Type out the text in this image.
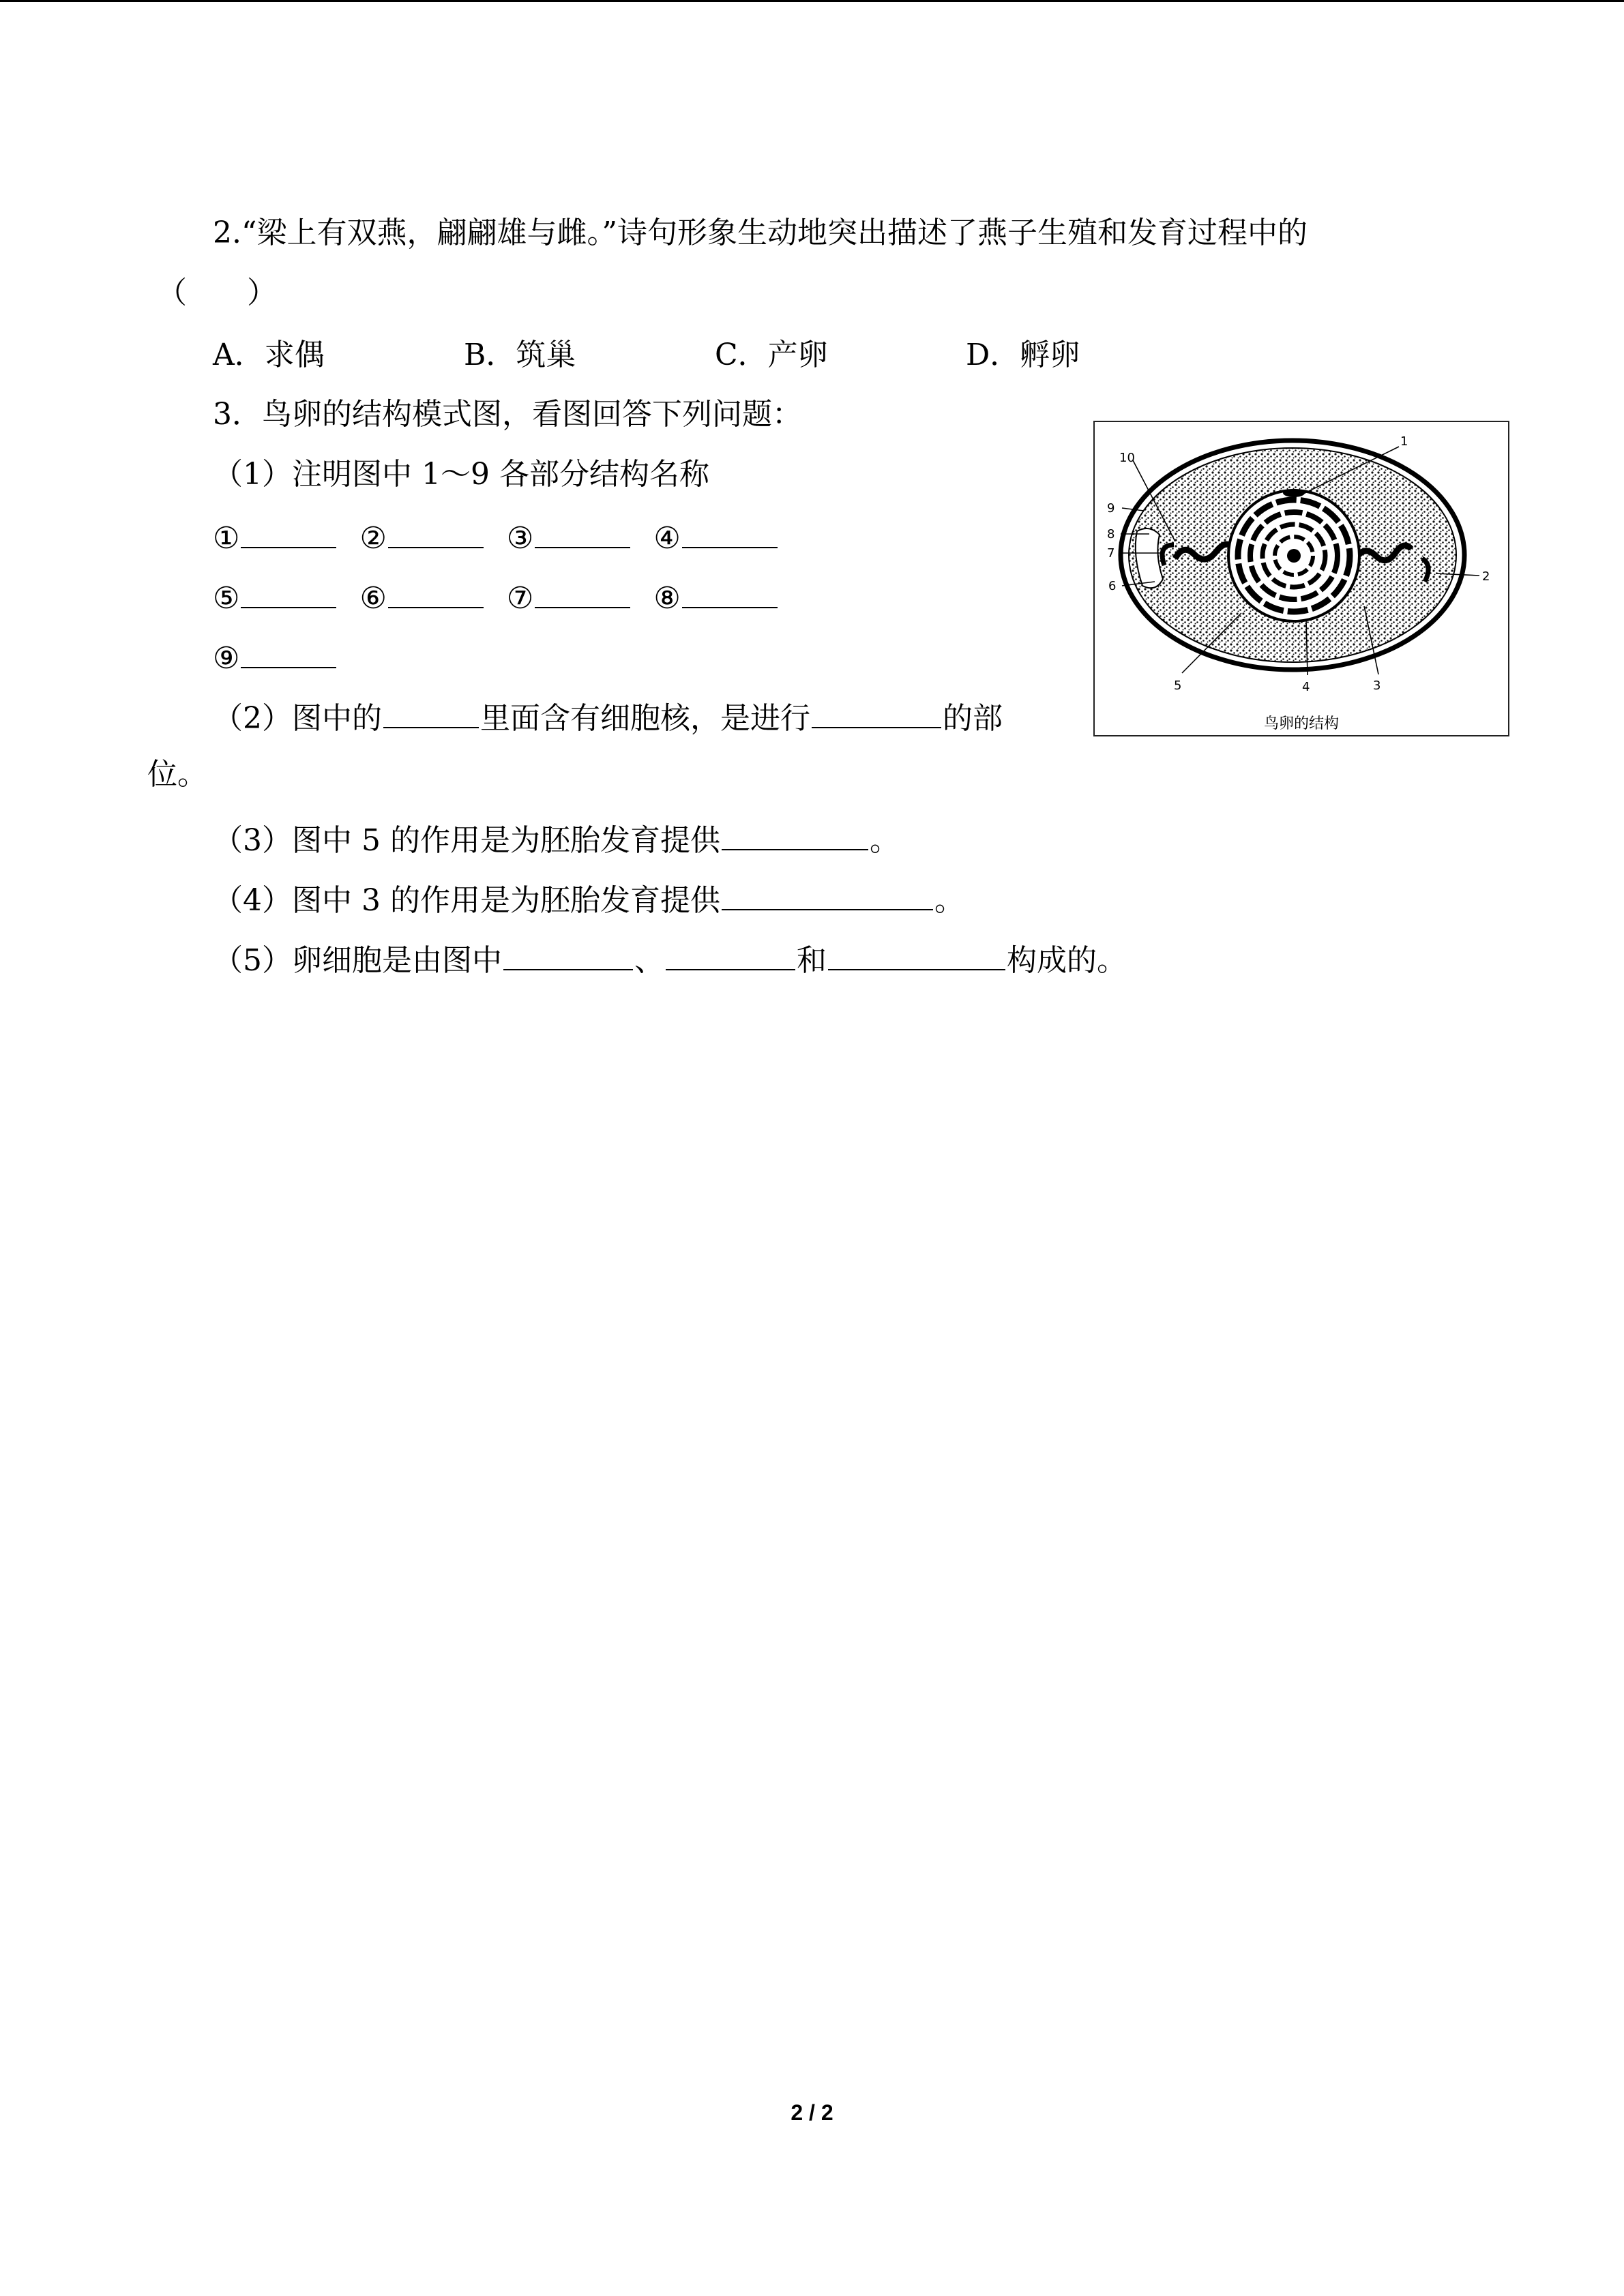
2.“梁上有双燕，翩翩雄与雌。”诗句形象生动地突出描述了燕子生殖和发育过程中的
（　　）
A．求偶	B．筑巢	C．产卵	D．孵卵
3．鸟卵的结构模式图，看图回答下列问题：
（1）注明图中 1～9 各部分结构名称
①	②	③	④
⑤	⑥	⑦	⑧
⑨
（2）图中的	里面含有细胞核，是进行	的部
位。
（3）图中 5 的作用是为胚胎发育提供	。
（4）图中 3 的作用是为胚胎发育提供	。
（5）卵细胞是由图中	、	和	构成的。
1
2
3
4
5
6
7
8
9
10
鸟卵的结构
2 / 2
